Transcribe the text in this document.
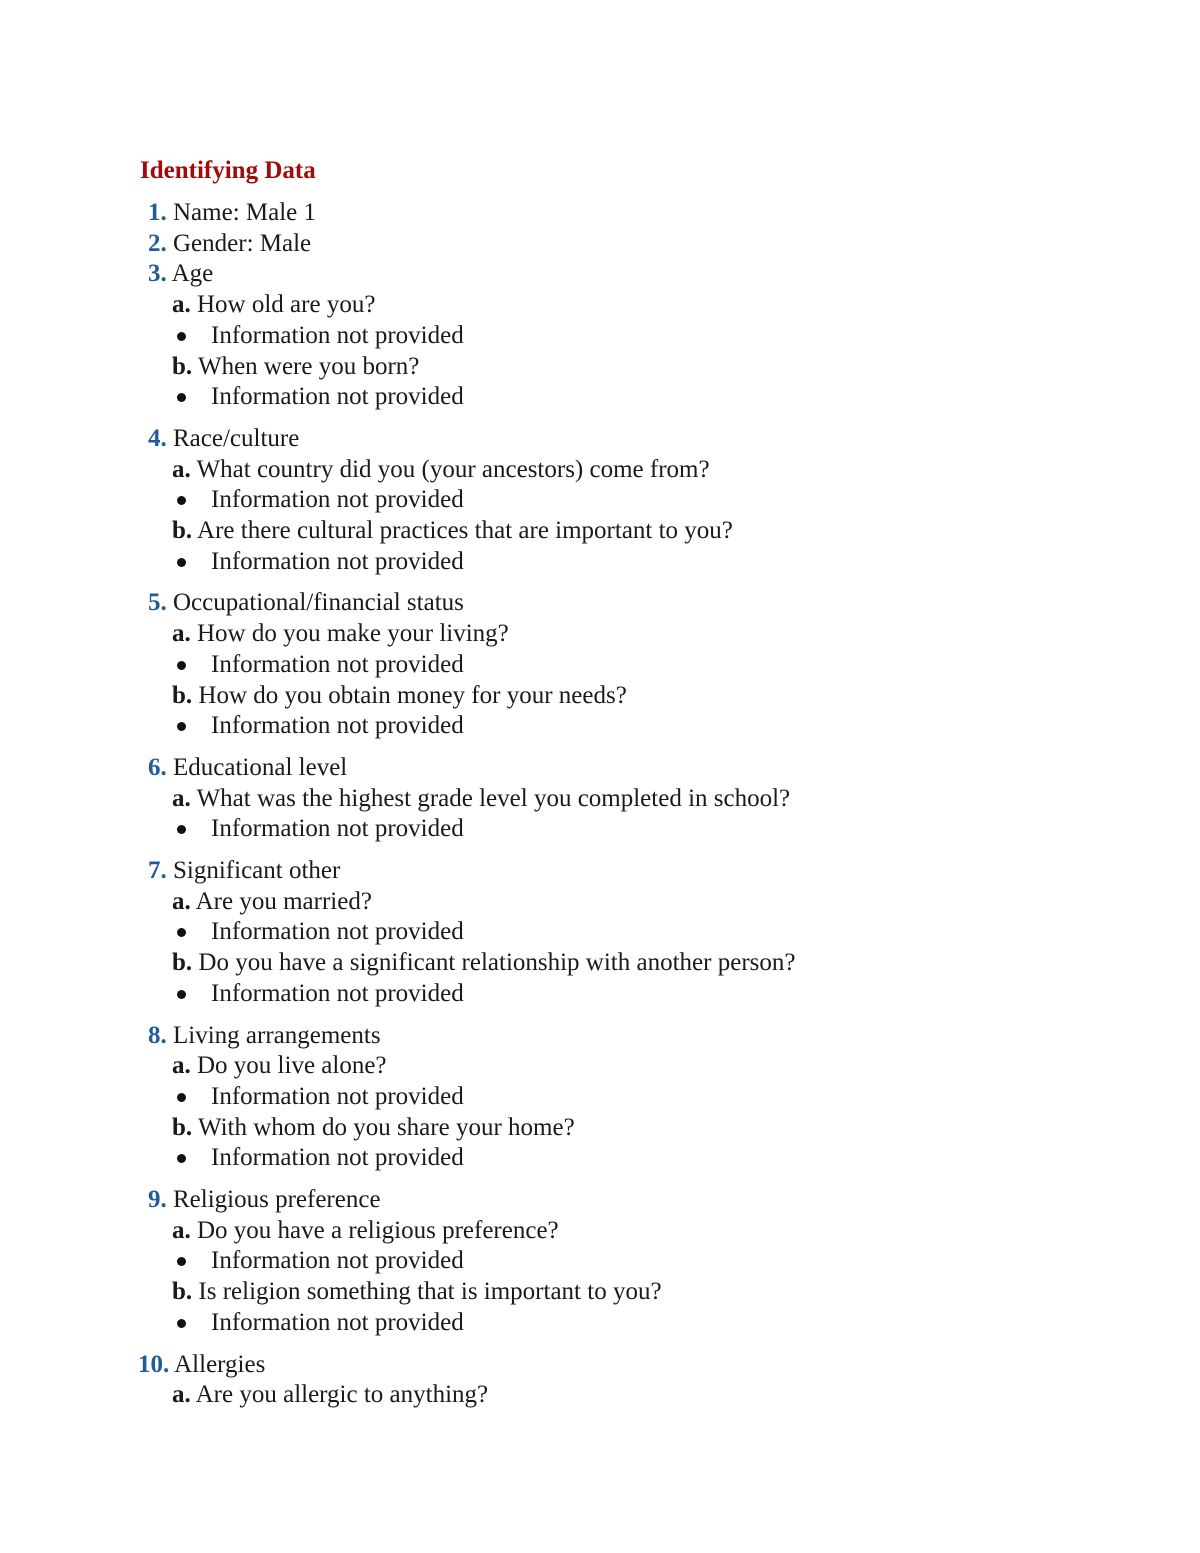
Identifying Data
1. Name: Male 1
2. Gender: Male
3. Age
a. How old are you?
Information not provided
b. When were you born?
Information not provided
4. Race/culture
a. What country did you (your ancestors) come from?
Information not provided
b. Are there cultural practices that are important to you?
Information not provided
5. Occupational/financial status
a. How do you make your living?
Information not provided
b. How do you obtain money for your needs?
Information not provided
6. Educational level
a. What was the highest grade level you completed in school?
Information not provided
7. Significant other
a. Are you married?
Information not provided
b. Do you have a significant relationship with another person?
Information not provided
8. Living arrangements
a. Do you live alone?
Information not provided
b. With whom do you share your home?
Information not provided
9. Religious preference
a. Do you have a religious preference?
Information not provided
b. Is religion something that is important to you?
Information not provided
10. Allergies
a. Are you allergic to anything?
